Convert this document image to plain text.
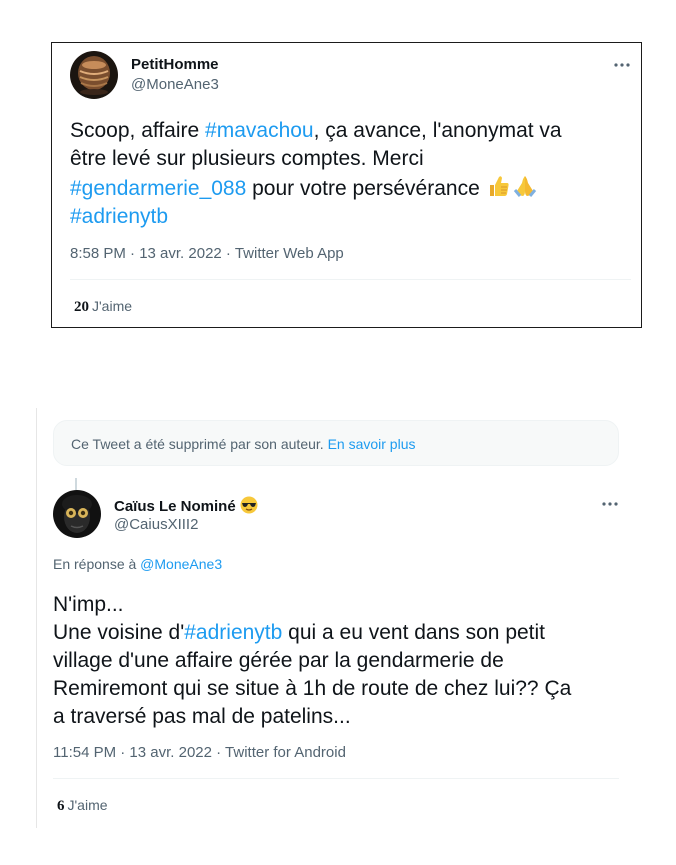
PetitHomme
@MoneAne3
Scoop, affaire #mavachou, ça avance, l'anonymat va
être levé sur plusieurs comptes. Merci
#gendarmerie_088 pour votre persévérance
#adrienytb
8:58 PM · 13 avr. 2022 · Twitter Web App
20 J'aime
Ce Tweet a été supprimé par son auteur. En savoir plus
Caïus Le Nominé
@CaiusXIII2
En réponse à @MoneAne3
N'imp...
Une voisine d'#adrienytb qui a eu vent dans son petit
village d'une affaire gérée par la gendarmerie de
Remiremont qui se situe à 1h de route de chez lui?? Ça
a traversé pas mal de patelins...
11:54 PM · 13 avr. 2022 · Twitter for Android
6 J'aime
